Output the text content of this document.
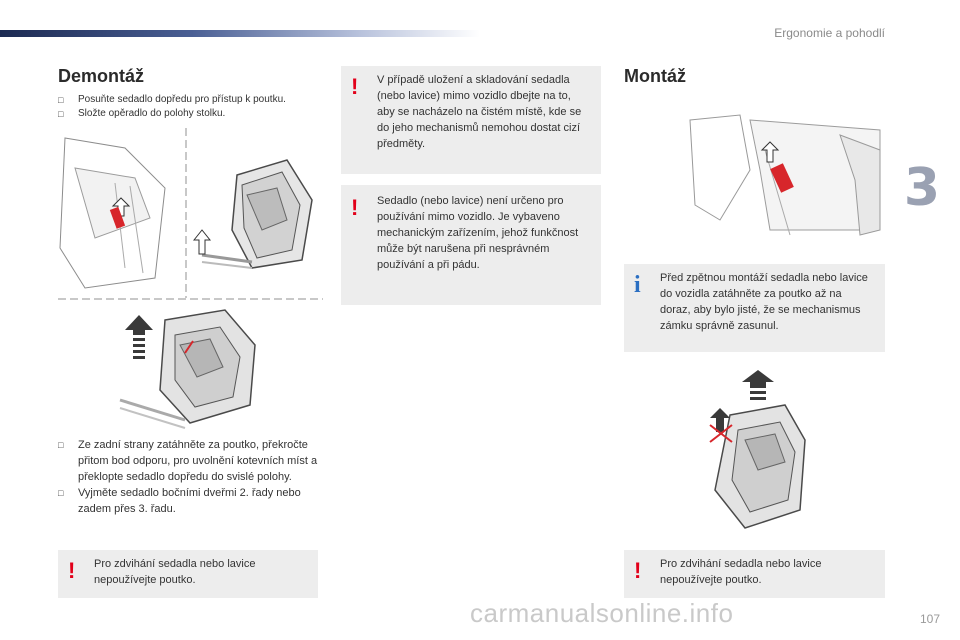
Ergonomie a pohodlí
3
Demontáž
□ Posuňte sedadlo dopředu pro přístup k poutku.
□ Složte opěradlo do polohy stolku.
□ Ze zadní strany zatáhněte za poutko, překročte přitom bod odporu, pro uvolnění kotevních míst a překlopte sedadlo dopředu do svislé polohy.
□ Vyjměte sedadlo bočními dveřmi 2. řady nebo zadem přes 3. řadu.
! Pro zdvihání sedadla nebo lavice nepoužívejte poutko.
! V případě uložení a skladování sedadla (nebo lavice) mimo vozidlo dbejte na to, aby se nacházelo na čistém místě, kde se do jeho mechanismů nemohou dostat cizí předměty.
! Sedadlo (nebo lavice) není určeno pro používání mimo vozidlo. Je vybaveno mechanickým zařízením, jehož funkčnost může být narušena při nesprávném používání a při pádu.
Montáž
i Před zpětnou montáží sedadla nebo lavice do vozidla zatáhněte za poutko až na doraz, aby bylo jisté, že se mechanismus zámku správně zasunul.
! Pro zdvihání sedadla nebo lavice nepoužívejte poutko.
carmanualsonline.info	107
